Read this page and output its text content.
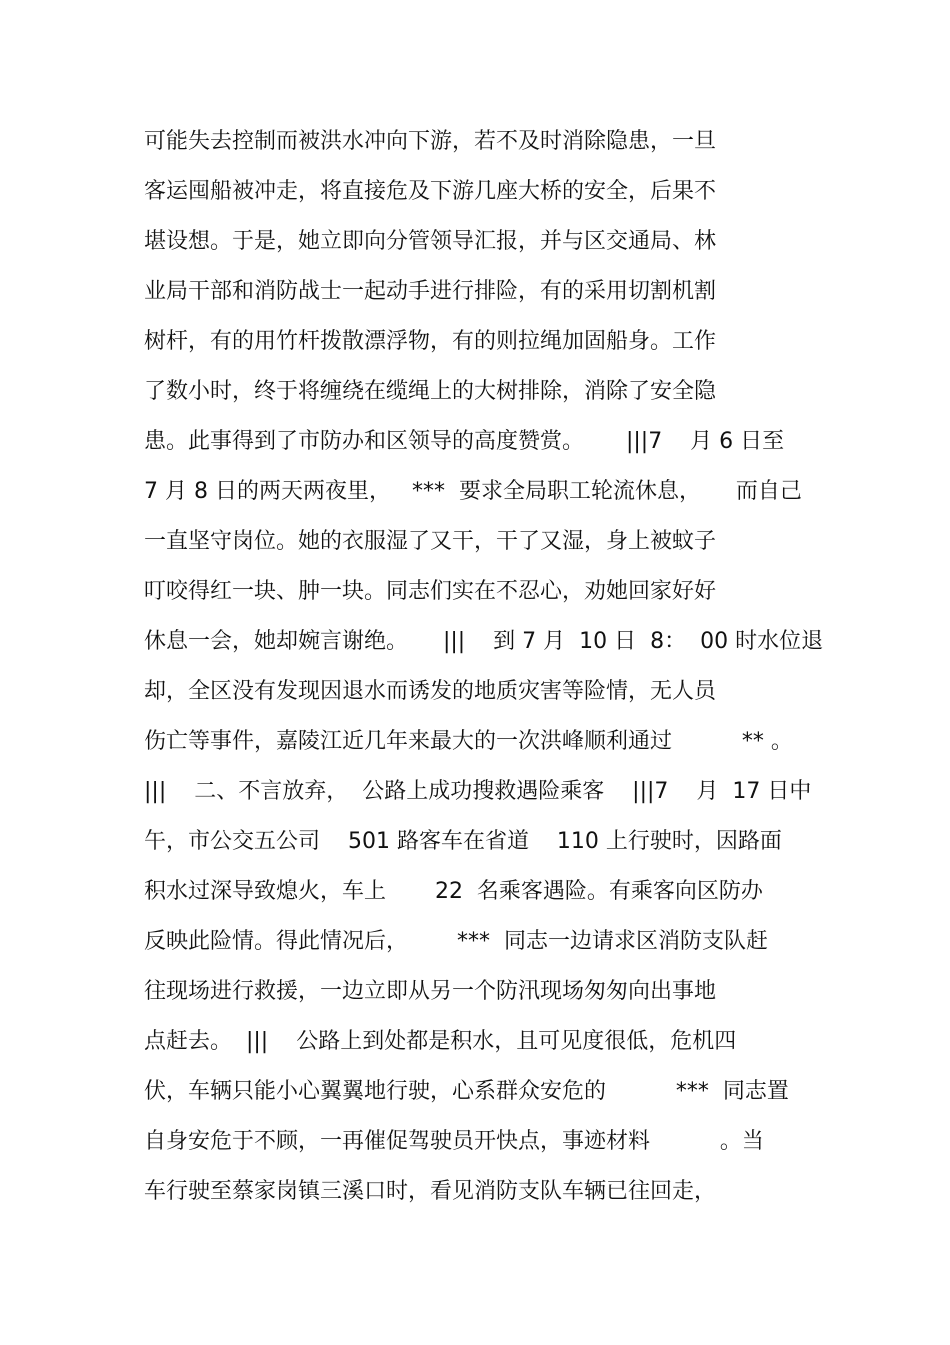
可能失去控制而被洪水冲向下游，若不及时消除隐患，一旦
客运囤船被冲走，将直接危及下游几座大桥的安全，后果不
堪设想。于是，她立即向分管领导汇报，并与区交通局、林
业局干部和消防战士一起动手进行排险，有的采用切割机割
树杆，有的用竹杆拨散漂浮物，有的则拉绳加固船身。工作
了数小时，终于将缠绕在缆绳上的大树排除，消除了安全隐
患。此事得到了市防办和区领导的高度赞赏。      |||7    月 6 日至
7 月 8 日的两天两夜里，   ***  要求全局职工轮流休息，     而自己
一直坚守岗位。她的衣服湿了又干，干了又湿，身上被蚊子
叮咬得红一块、肿一块。同志们实在不忍心，劝她回家好好
休息一会，她却婉言谢绝。     |||    到 7 月  10 日  8：  00 时水位退
却，全区没有发现因退水而诱发的地质灾害等险情，无人员
伤亡等事件，嘉陵江近几年来最大的一次洪峰顺利通过          ** 。
|||    二、不言放弃，  公路上成功搜救遇险乘客    |||7    月  17 日中
午，市公交五公司    501 路客车在省道    110 上行驶时，因路面
积水过深导致熄火，车上       22  名乘客遇险。有乘客向区防办
反映此险情。得此情况后，       ***  同志一边请求区消防支队赶
往现场进行救援，一边立即从另一个防汛现场匆匆向出事地
点赶去。  |||    公路上到处都是积水，且可见度很低，危机四
伏，车辆只能小心翼翼地行驶，心系群众安危的          ***  同志置
自身安危于不顾，一再催促驾驶员开快点，事迹材料          。当
车行驶至蔡家岗镇三溪口时，看见消防支队车辆已往回走，
